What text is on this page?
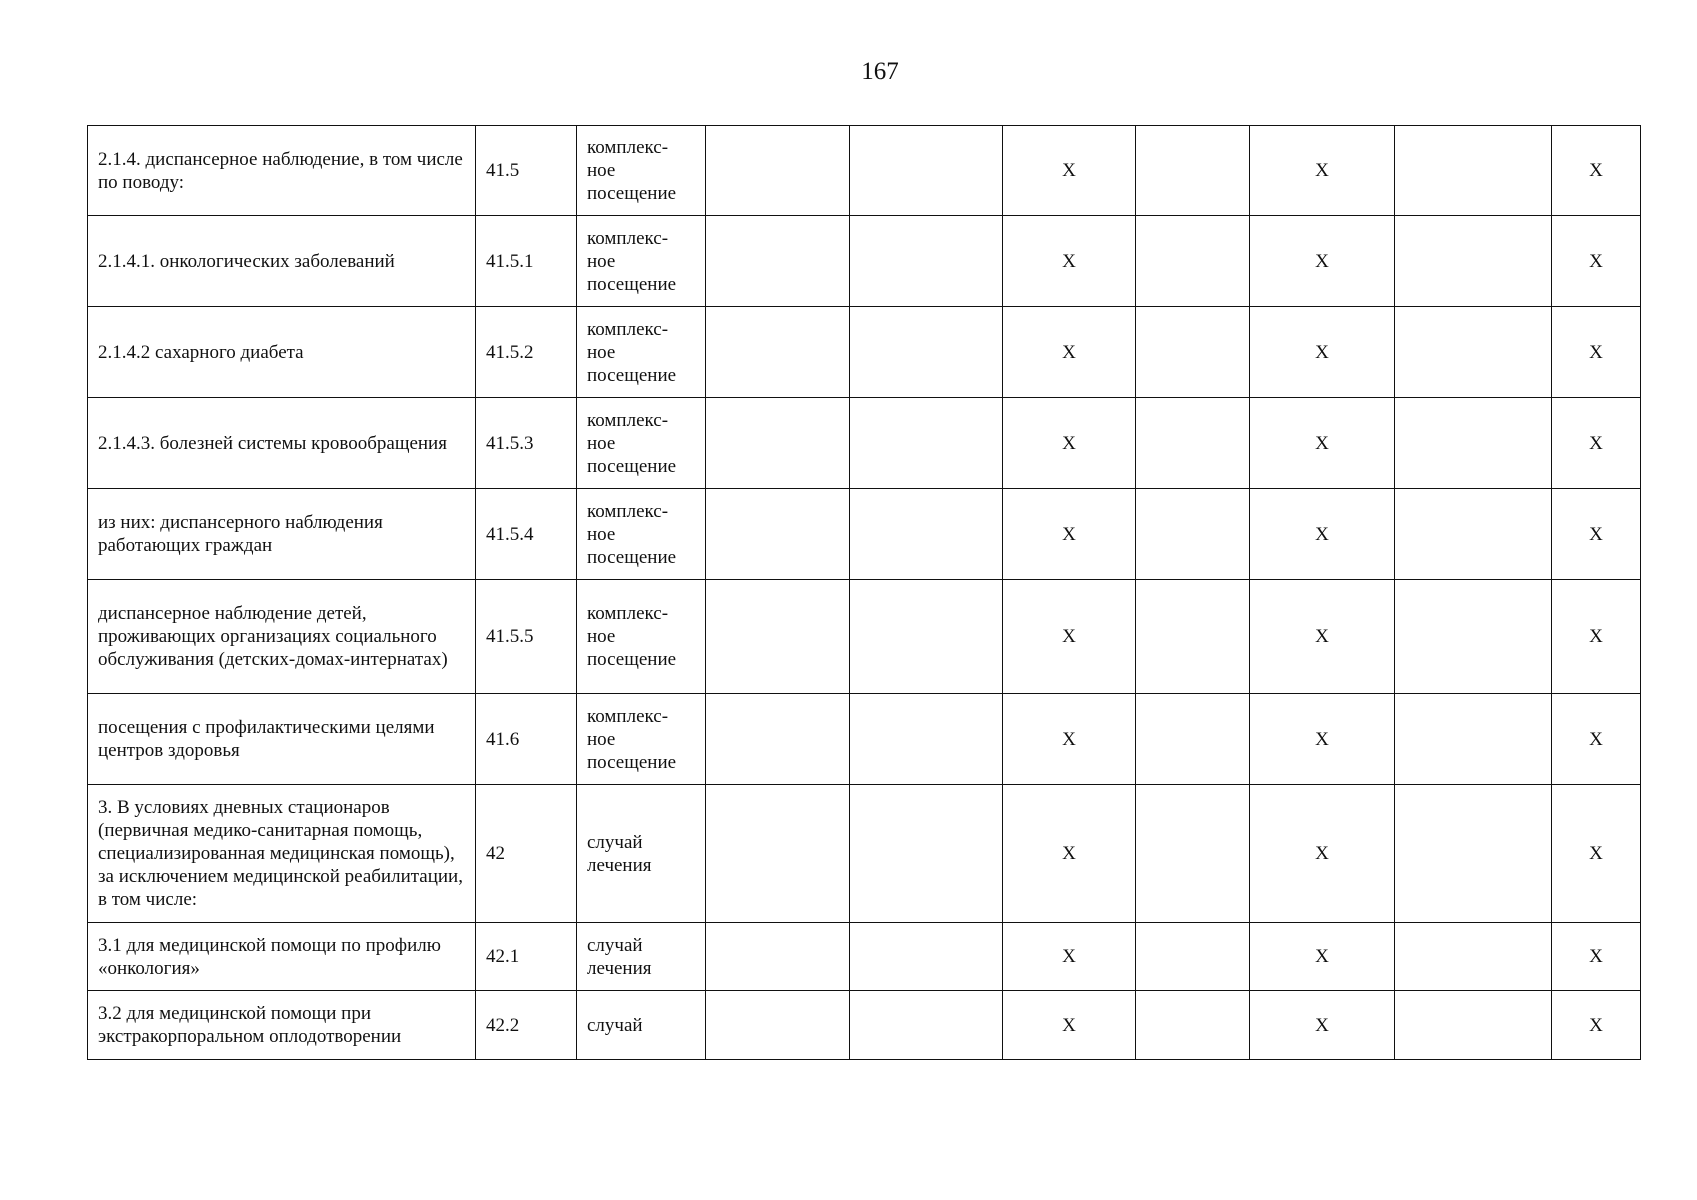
167
2.1.4. диспансерное наблюдение, в том числе по поводу:	41.5	комплекс-ное посещение			X		X		X
2.1.4.1. онкологических заболеваний	41.5.1	комплекс-ное посещение			X		X		X
2.1.4.2 сахарного диабета	41.5.2	комплекс-ное посещение			X		X		X
2.1.4.3. болезней системы кровообращения	41.5.3	комплекс-ное посещение			X		X		X
из них: диспансерного наблюдения работающих граждан	41.5.4	комплекс-ное посещение			X		X		X
диспансерное наблюдение детей, проживающих организациях социального обслуживания (детских-домах-интернатах)	41.5.5	комплекс-ное посещение			X		X		X
посещения с профилактическими целями центров здоровья	41.6	комплекс-ное посещение			X		X		X
3. В условиях дневных стационаров (первичная медико-санитарная помощь, специализированная медицинская помощь), за исключением медицинской реабилитации, в том числе:	42	случай лечения			X		X		X
3.1 для медицинской помощи по профилю «онкология»	42.1	случай лечения			X		X		X
3.2 для медицинской помощи при экстракорпоральном оплодотворении	42.2	случай			X		X		X
